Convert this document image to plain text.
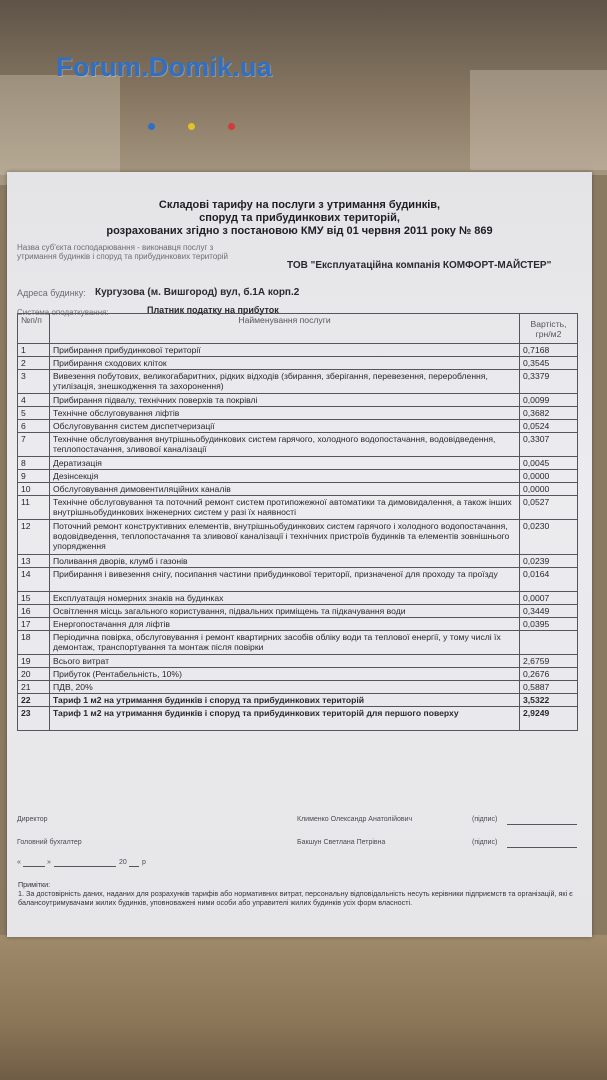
Forum.Domik.ua
Складові тарифу на послуги з утримання будинків,
споруд та прибудинкових територій,
розрахованих згідно з постановою КМУ від 01 червня 2011 року № 869
Назва суб'єкта господарювання - виконавця послуг з утримання будинків і споруд та прибудинкових територій
ТОВ "Експлуатаційна компанія КОМФОРТ-МАЙСТЕР"
Адреса будинку: Кургузова (м. Вишгород) вул, б.1А корп.2
Система оподаткування:	Платник податку на прибуток
№п/п	Найменування послуги	Вартість, грн/м2
1	Прибирання прибудинкової території	0,7168
2	Прибирання сходових кліток	0,3545
3	Вивезення побутових, великогабаритних, рідких відходів (збирання, зберігання, перевезення, перероблення, утилізація, знешкодження та захоронення)	0,3379
4	Прибирання підвалу, технічних поверхів та покрівлі	0,0099
5	Технічне обслуговування ліфтів	0,3682
6	Обслуговування систем диспетчеризації	0,0524
7	Технічне обслуговування внутрішньобудинкових систем гарячого, холодного водопостачання, водовідведення, теплопостачання, зливової каналізації	0,3307
8	Дератизація	0,0045
9	Дезінсекція	0,0000
10	Обслуговування димовентиляційних каналів	0,0000
11	Технічне обслуговування та поточний ремонт систем протипожежної автоматики та димовидалення, а також інших внутрішньобудинкових інженерних систем у разі їх наявності	0,0527
12	Поточний ремонт конструктивних елементів, внутрішньобудинкових систем гарячого і холодного водопостачання, водовідведення, теплопостачання та зливової каналізації і технічних пристроїв будинків та елементів зовнішнього упорядження	0,0230
13	Поливання дворів, клумб і газонів	0,0239
14	Прибирання і вивезення снігу, посипання частини прибудинкової території, призначеної для проходу та проїзду	0,0164
15	Експлуатація номерних знаків на будинках	0,0007
16	Освітлення місць загального користування, підвальних приміщень та підкачування води	0,3449
17	Енергопостачання для ліфтів	0,0395
18	Періодична повірка, обслуговування і ремонт квартирних засобів обліку води та теплової енергії, у тому числі їх демонтаж, транспортування та монтаж після повірки	
19	Всього витрат	2,6759
20	Прибуток (Рентабельність, 10%)	0,2676
21	ПДВ, 20%	0,5887
22	Тариф 1 м2 на утримання будинків і споруд та прибудинкових територій	3,5322
23	Тариф 1 м2 на утримання будинків і споруд та прибудинкових територій для першого поверху	2,9249
Директор	Клименко Олександр Анатолійович	(підпис)
Головний бухгалтер	Бакшун Светлана Петрівна	(підпис)
«	»	20 р
Примітки:
1. За достовірність даних, наданих для розрахунків тарифів або нормативних витрат, персональну відповідальність несуть керівники підприємств та організацій, які є балансоутримувачами жилих будинків, уповноважені ними особи або управителі жилих будинків усіх форм власності.
